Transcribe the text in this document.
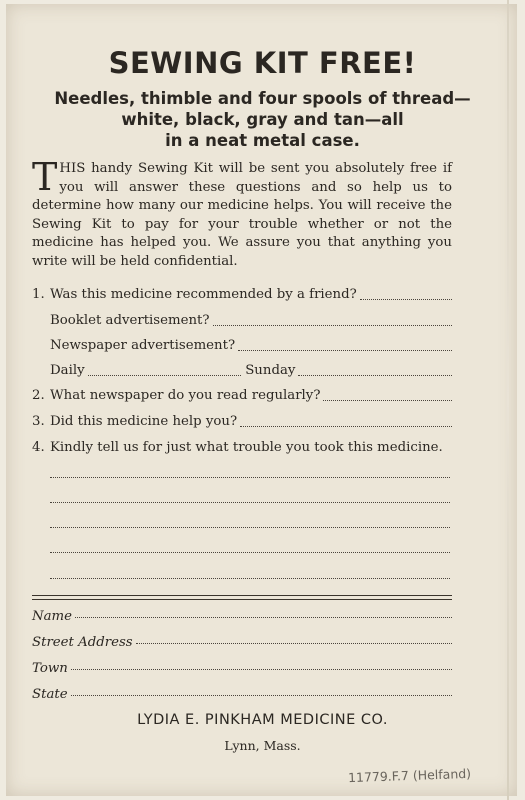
SEWING KIT FREE!
Needles, thimble and four spools of thread—
white, black, gray and tan—all
in a neat metal case.
THIS handy Sewing Kit will be sent you absolutely free if you will answer these questions and so help us to determine how many our medicine helps. You will receive the Sewing Kit to pay for your trouble whether or not the medicine has helped you. We assure you that anything you write will be held confidential.
1. Was this medicine recommended by a friend?
Booklet advertisement?
Newspaper advertisement?
Daily	Sunday
2. What newspaper do you read regularly?
3. Did this medicine help you?
4. Kindly tell us for just what trouble you took this medicine.
Name
Street Address
Town
State
LYDIA E. PINKHAM MEDICINE CO.
Lynn, Mass.
11779.F.7 (Helfand)
